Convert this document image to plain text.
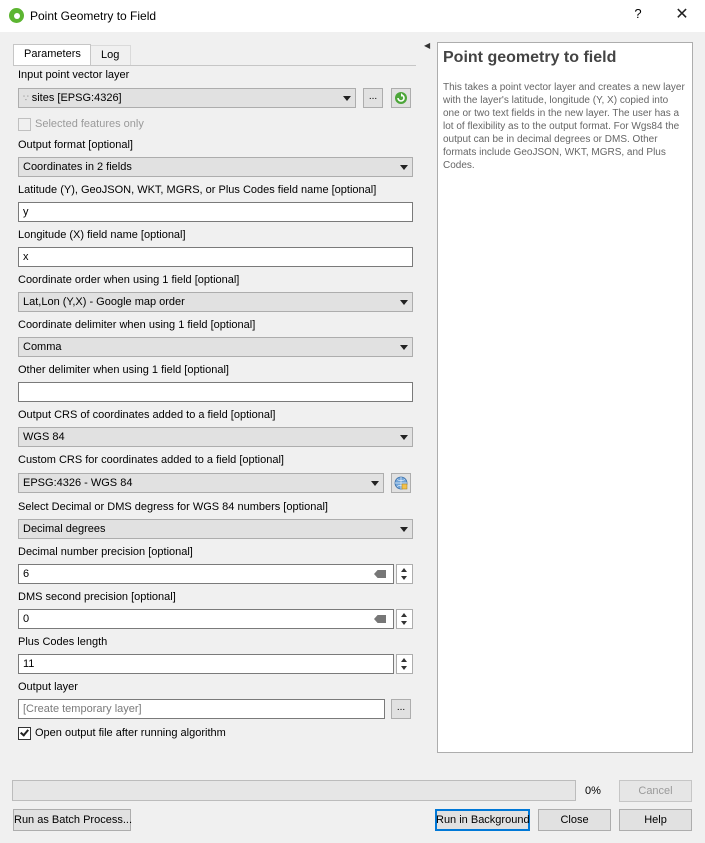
Point Geometry to Field	? ✕
Parameters	Log
◀
Input point vector layer
∵ sites [EPSG:4326]	...
Selected features only
Output format [optional]
Coordinates in 2 fields
Latitude (Y), GeoJSON, WKT, MGRS, or Plus Codes field name [optional]
y
Longitude (X) field name [optional]
x
Coordinate order when using 1 field [optional]
Lat,Lon (Y,X) - Google map order
Coordinate delimiter when using 1 field [optional]
Comma
Other delimiter when using 1 field [optional]
Output CRS of coordinates added to a field [optional]
WGS 84
Custom CRS for coordinates added to a field [optional]
EPSG:4326 - WGS 84
Select Decimal or DMS degress for WGS 84 numbers [optional]
Decimal degrees
Decimal number precision [optional]
6
DMS second precision [optional]
0
Plus Codes length
11
Output layer
[Create temporary layer]	...
Open output file after running algorithm
Point geometry to field
This takes a point vector layer and creates a new layer with the layer's latitude, longitude (Y, X) copied into one or two text fields in the new layer. The user has a lot of flexibility as to the output format. For Wgs84 the output can be in decimal degrees or DMS. Other formats include GeoJSON, WKT, MGRS, and Plus Codes.
0%	Cancel
Run as Batch Process...	Run in Background	Close	Help
